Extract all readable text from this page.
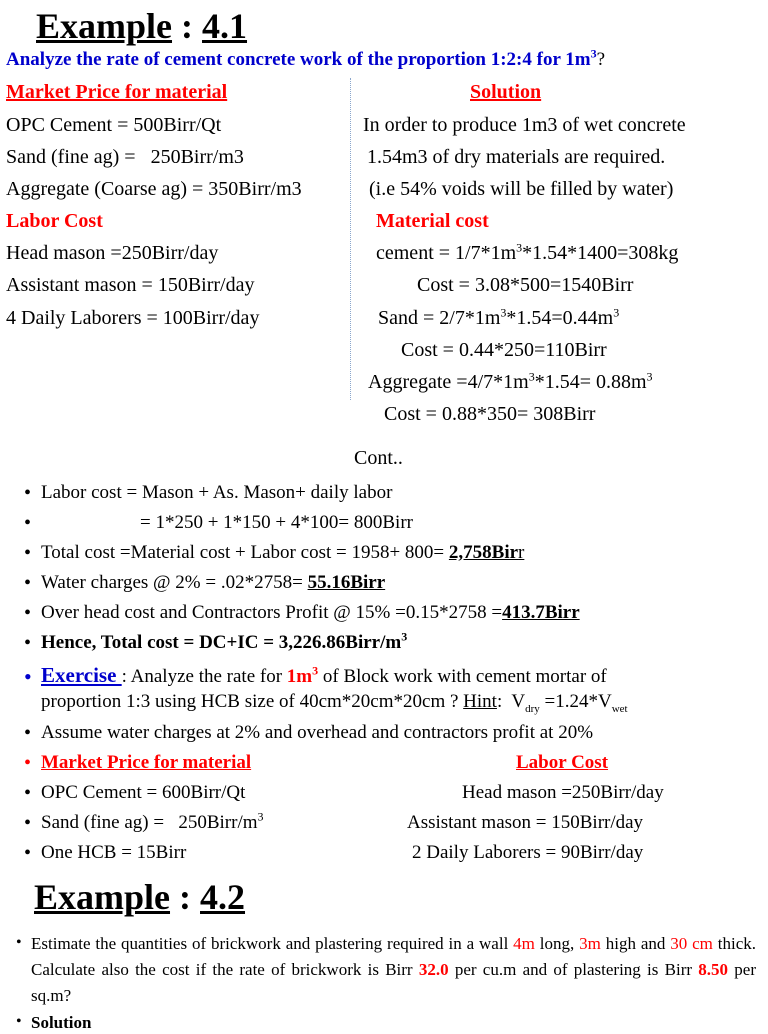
Example : 4.1
Analyze the rate of cement concrete work of the proportion 1:2:4 for $1m^3$?
Market Price for material
OPC Cement = 500Birr/Qt
Sand (fine ag) =   250Birr/m3
Aggregate (Coarse ag) = 350Birr/m3
Labor Cost
Head mason =250Birr/day
Assistant mason = 150Birr/day
4 Daily Laborers = 100Birr/day
Solution
In order to produce 1m3 of wet concrete
1.54m3 of dry materials are required.
(i.e 54% voids will be filled by water)
Material cost
cement = $1/7*1m^3*1.54*1400=308kg$
Cost = 3.08*500=1540Birr
Sand = $2/7*1m^3*1.54=0.44m^3$
Cost = 0.44*250=110Birr
Aggregate $=4/7*1m^3*1.54= 0.88m^3$
Cost = 0.88*350= 308Birr
Cont..
• Labor cost = Mason + As. Mason+ daily labor
•	= 1*250 + 1*150 + 4*100= 800Birr
• Total cost =Material cost + Labor cost = 1958+ 800= 2,758Birr
• Water charges @ 2% = .02*2758= 55.16Birr
• Over head cost and Contractors Profit @ 15% =0.15*2758 =413.7Birr
• Hence, Total $\cos t = DC+IC = 3,226.86Birr/m^3$
• Exercise : Analyze the rate for $1m^3$ of Block work with cement mortar of
proportion 1:3 using HCB size of 40cm*20cm*20cm ? Hint:  $V_{dry} =1.24*V_{wet}$
• Assume water charges at 2% and overhead and contractors profit at 20%
• Market Price for material	Labor Cost
• OPC Cement = 600Birr/Qt	Head mason =250Birr/day
• Sand (fine $ag) = 250Birr/m^3$	Assistant mason = 150Birr/day
• One HCB = 15Birr	2 Daily Laborers = 90Birr/day
Example : 4.2
• Estimate the quantities of brickwork and plastering required in a wall 4m long, 3m high and 30 cm thick. Calculate also the cost if the rate of brickwork is Birr 32.0 per cu.m and of plastering is Birr 8.50 per sq.m?
• Solution
